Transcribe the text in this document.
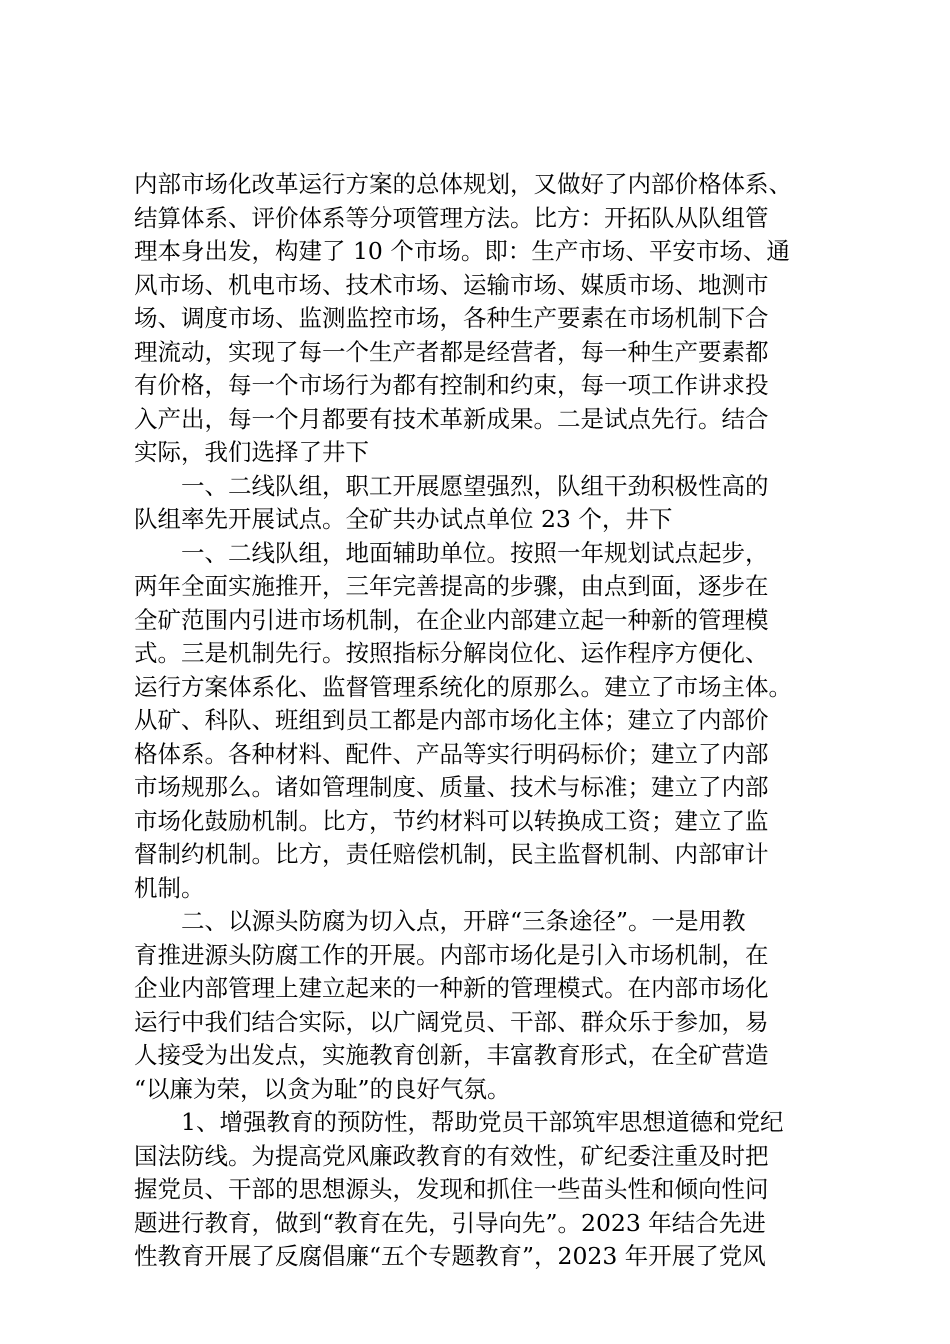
内部市场化改革运行方案的总体规划，又做好了内部价格体系、
结算体系、评价体系等分项管理方法。比方：开拓队从队组管
理本身出发，构建了 10 个市场。即：生产市场、平安市场、通
风市场、机电市场、技术市场、运输市场、媒质市场、地测市
场、调度市场、监测监控市场，各种生产要素在市场机制下合
理流动，实现了每一个生产者都是经营者，每一种生产要素都
有价格，每一个市场行为都有控制和约束，每一项工作讲求投
入产出，每一个月都要有技术革新成果。二是试点先行。结合
实际，我们选择了井下
一、二线队组，职工开展愿望强烈，队组干劲积极性高的
队组率先开展试点。全矿共办试点单位 23 个，井下
一、二线队组，地面辅助单位。按照一年规划试点起步，
两年全面实施推开，三年完善提高的步骤，由点到面，逐步在
全矿范围内引进市场机制，在企业内部建立起一种新的管理模
式。三是机制先行。按照指标分解岗位化、运作程序方便化、
运行方案体系化、监督管理系统化的原那么。建立了市场主体。
从矿、科队、班组到员工都是内部市场化主体；建立了内部价
格体系。各种材料、配件、产品等实行明码标价；建立了内部
市场规那么。诸如管理制度、质量、技术与标准；建立了内部
市场化鼓励机制。比方，节约材料可以转换成工资；建立了监
督制约机制。比方，责任赔偿机制，民主监督机制、内部审计
机制。
二、以源头防腐为切入点，开辟“三条途径”。一是用教
育推进源头防腐工作的开展。内部市场化是引入市场机制，在
企业内部管理上建立起来的一种新的管理模式。在内部市场化
运行中我们结合实际，以广阔党员、干部、群众乐于参加，易
人接受为出发点，实施教育创新，丰富教育形式，在全矿营造
“以廉为荣，以贪为耻”的良好气氛。
1、增强教育的预防性，帮助党员干部筑牢思想道德和党纪
国法防线。为提高党风廉政教育的有效性，矿纪委注重及时把
握党员、干部的思想源头，发现和抓住一些苗头性和倾向性问
题进行教育，做到“教育在先，引导向先”。2023 年结合先进
性教育开展了反腐倡廉“五个专题教育”，2023 年开展了党风
